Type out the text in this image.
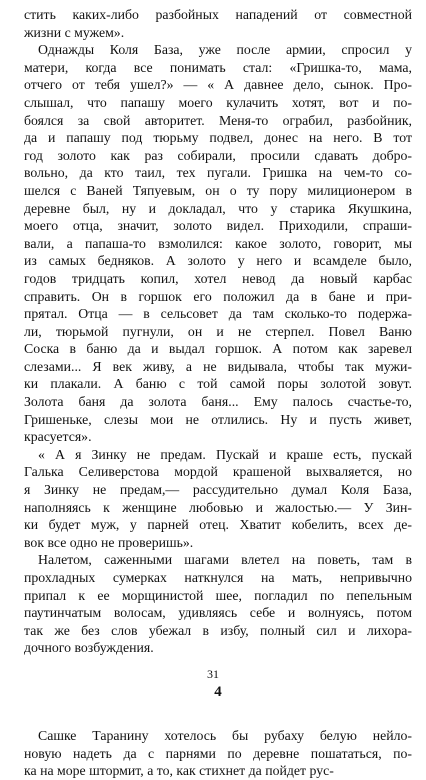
стить каких-либо разбойных нападений от совместной
жизни с мужем».
Однажды Коля База, уже после армии, спросил у
матери, когда все понимать стал: «Гришка-то, мама,
отчего от тебя ушел?» — « А давнее дело, сынок. Про-
слышал, что папашу моего кулачить хотят, вот и по-
боялся за свой авторитет. Меня-то ограбил, разбойник,
да и папашу под тюрьму подвел, донес на него. В тот
год золото как раз собирали, просили сдавать добро-
вольно, да кто таил, тех пугали. Гришка на чем-то со-
шелся с Ваней Тяпуевым, он о ту пору милиционером в
деревне был, ну и докладал, что у старика Якушкина,
моего отца, значит, золото видел. Приходили, спраши-
вали, а папаша-то взмолился: какое золото, говорит, мы
из самых бедняков. А золото у него и всамделе было,
годов тридцать копил, хотел невод да новый карбас
справить. Он в горшок его положил да в бане и при-
прятал. Отца — в сельсовет да там сколько-то подержа-
ли, тюрьмой пугнули, он и не стерпел. Повел Ваню
Соска в баню да и выдал горшок. А потом как заревел
слезами... Я век живу, а не видывала, чтобы так мужи-
ки плакали. А баню с той самой поры золотой зовут.
Золота баня да золота баня... Ему палось счастье-то,
Гришеньке, слезы мои не отлились. Ну и пусть живет,
красуется».
« А я Зинку не предам. Пускай и краше есть, пускай
Галька Селиверстова мордой крашеной выхваляется, но
я Зинку не предам,— рассудительно думал Коля База,
наполняясь к женщине любовью и жалостью.— У Зин-
ки будет муж, у парней отец. Хватит кобелить, всех де-
вок все одно не проверишь».
Налетом, саженными шагами влетел на поветь, там в
прохладных сумерках наткнулся на мать, непривычно
припал к ее морщинистой шее, погладил по пепельным
паутинчатым волосам, удивляясь себе и волнуясь, потом
так же без слов убежал в избу, полный сил и лихора-
дочного возбуждения.
4
Сашке Таранину хотелось бы рубаху белую нейло-
новую надеть да с парнями по деревне пошататься, по-
ка на море штормит, а то, как стихнет да пойдет рус-
31
